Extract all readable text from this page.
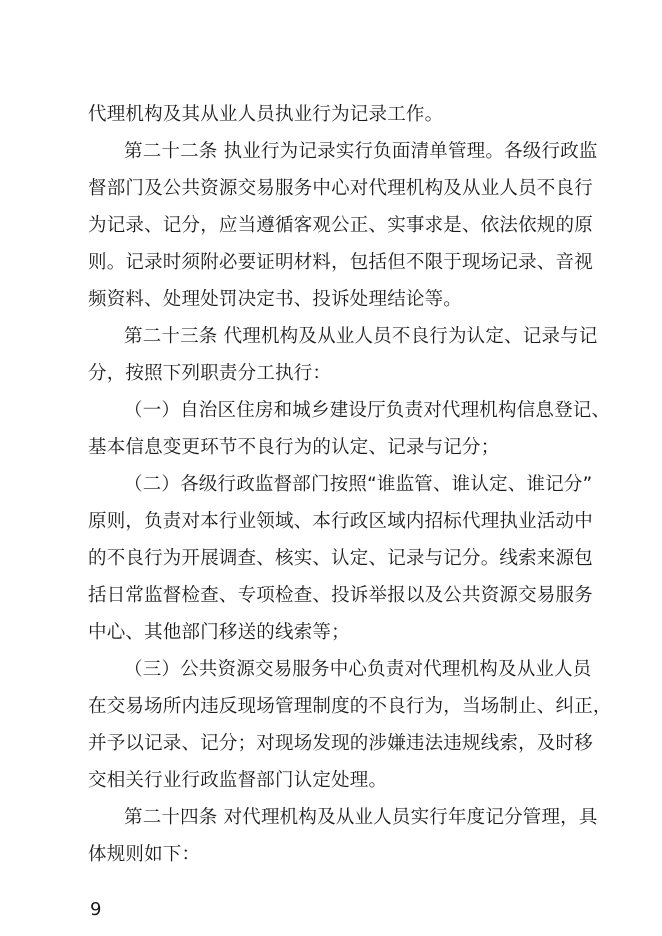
代理机构及其从业人员执业行为记录工作。
第二十二条 执业行为记录实行负面清单管理。各级行政监
督部门及公共资源交易服务中心对代理机构及从业人员不良行
为记录、记分，应当遵循客观公正、实事求是、依法依规的原
则。记录时须附必要证明材料，包括但不限于现场记录、音视
频资料、处理处罚决定书、投诉处理结论等。
第二十三条 代理机构及从业人员不良行为认定、记录与记
分，按照下列职责分工执行：
（一）自治区住房和城乡建设厅负责对代理机构信息登记、
基本信息变更环节不良行为的认定、记录与记分；
（二）各级行政监督部门按照“谁监管、谁认定、谁记分”
原则，负责对本行业领域、本行政区域内招标代理执业活动中
的不良行为开展调查、核实、认定、记录与记分。线索来源包
括日常监督检查、专项检查、投诉举报以及公共资源交易服务
中心、其他部门移送的线索等；
（三）公共资源交易服务中心负责对代理机构及从业人员
在交易场所内违反现场管理制度的不良行为，当场制止、纠正，
并予以记录、记分；对现场发现的涉嫌违法违规线索，及时移
交相关行业行政监督部门认定处理。
第二十四条 对代理机构及从业人员实行年度记分管理，具
体规则如下：
9
